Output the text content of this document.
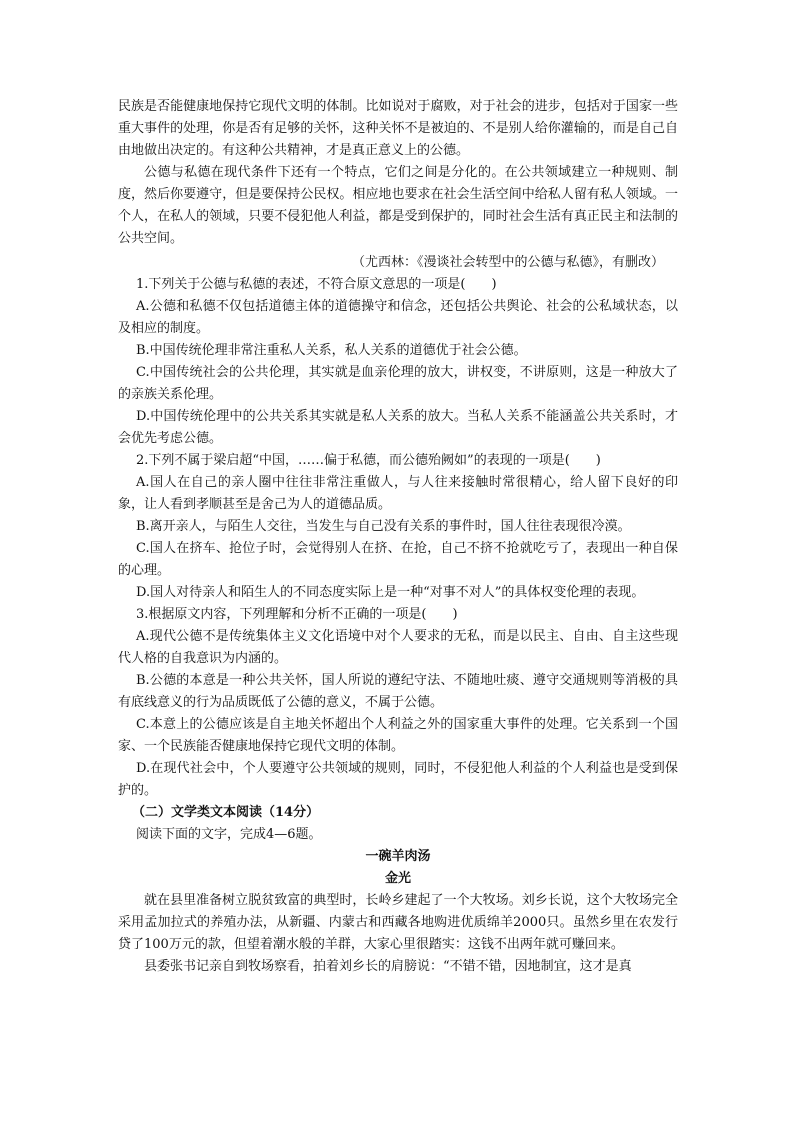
民族是否能健康地保持它现代文明的体制。比如说对于腐败，对于社会的进步，包括对于国家一些重大事件的处理，你是否有足够的关怀，这种关怀不是被迫的、不是别人给你灌输的，而是自己自由地做出决定的。有这种公共精神，才是真正意义上的公德。

公德与私德在现代条件下还有一个特点，它们之间是分化的。在公共领域建立一种规则、制度，然后你要遵守，但是要保持公民权。相应地也要求在社会生活空间中给私人留有私人领域。一个人，在私人的领域，只要不侵犯他人利益，都是受到保护的，同时社会生活有真正民主和法制的公共空间。

（尤西林：《漫谈社会转型中的公德与私德》，有删改）

1.下列关于公德与私德的表述，不符合原文意思的一项是(　　)

A.公德和私德不仅包括道德主体的道德操守和信念，还包括公共舆论、社会的公私域状态，以及相应的制度。

B.中国传统伦理非常注重私人关系，私人关系的道德优于社会公德。

C.中国传统社会的公共伦理，其实就是血亲伦理的放大，讲权变，不讲原则，这是一种放大了的亲族关系伦理。

D.中国传统伦理中的公共关系其实就是私人关系的放大。当私人关系不能涵盖公共关系时，才会优先考虑公德。

2.下列不属于梁启超“中国，……偏于私德，而公德殆阙如”的表现的一项是(　　)

A.国人在自己的亲人圈中往往非常注重做人，与人往来接触时常很精心，给人留下良好的印象，让人看到孝顺甚至是舍己为人的道德品质。

B.离开亲人，与陌生人交往，当发生与自己没有关系的事件时，国人往往表现很冷漠。

C.国人在挤车、抢位子时，会觉得别人在挤、在抢，自己不挤不抢就吃亏了，表现出一种自保的心理。

D.国人对待亲人和陌生人的不同态度实际上是一种“对事不对人”的具体权变伦理的表现。

3.根据原文内容，下列理解和分析不正确的一项是(　　)

A.现代公德不是传统集体主义文化语境中对个人要求的无私，而是以民主、自由、自主这些现代人格的自我意识为内涵的。

B.公德的本意是一种公共关怀，国人所说的遵纪守法、不随地吐痰、遵守交通规则等消极的具有底线意义的行为品质既低了公德的意义，不属于公德。

C.本意上的公德应该是自主地关怀超出个人利益之外的国家重大事件的处理。它关系到一个国家、一个民族能否健康地保持它现代文明的体制。

D.在现代社会中，个人要遵守公共领域的规则，同时，不侵犯他人利益的个人利益也是受到保护的。

（二）文学类文本阅读（14分）

阅读下面的文字，完成4—6题。

一碗羊肉汤

金光

就在县里准备树立脱贫致富的典型时，长岭乡建起了一个大牧场。刘乡长说，这个大牧场完全采用孟加拉式的养殖办法，从新疆、内蒙古和西藏各地购进优质绵羊2000只。虽然乡里在农发行贷了100万元的款，但望着潮水般的羊群，大家心里很踏实：这钱不出两年就可赚回来。

县委张书记亲自到牧场察看，拍着刘乡长的肩膀说：“不错不错，因地制宜，这才是真
